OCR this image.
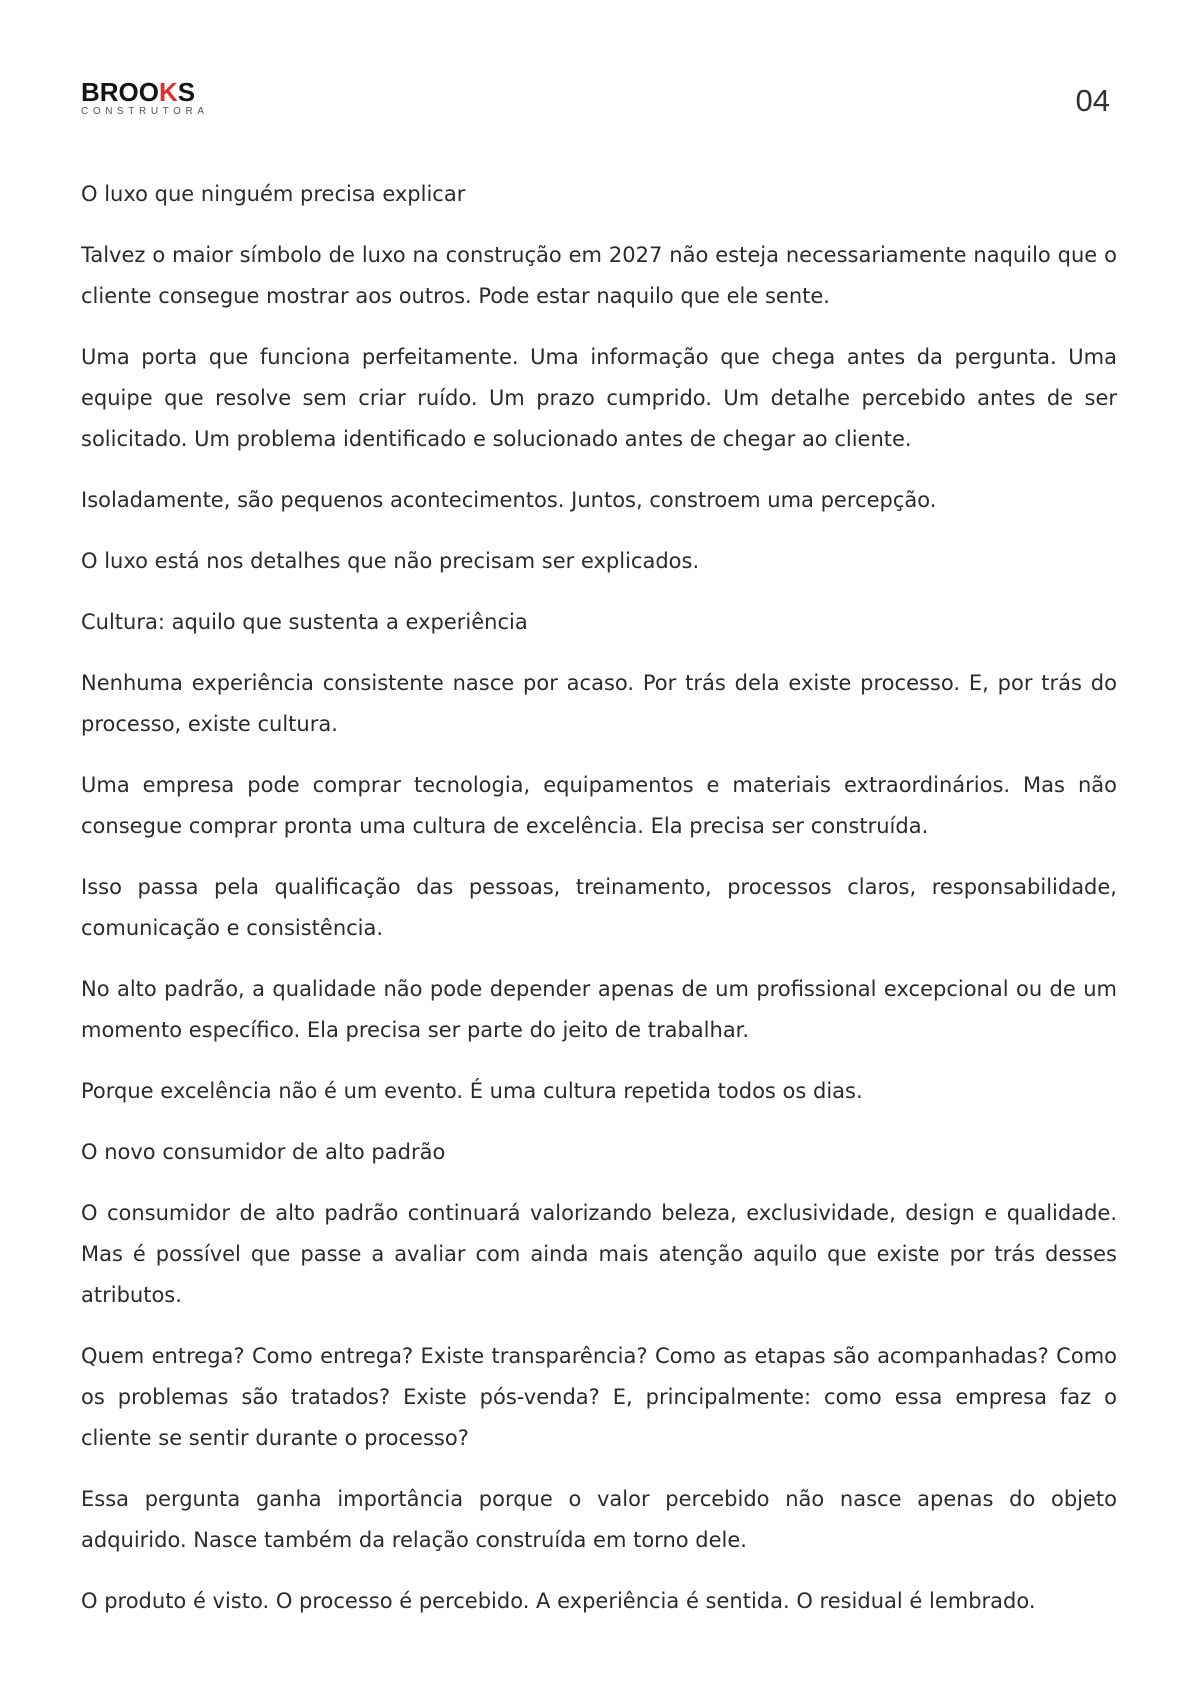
BROOKS
CONSTRUTORA	04

O luxo que ninguém precisa explicar

Talvez o maior símbolo de luxo na construção em 2027 não esteja necessariamente naquilo que o cliente consegue mostrar aos outros. Pode estar naquilo que ele sente.

Uma porta que funciona perfeitamente. Uma informação que chega antes da pergunta. Uma equipe que resolve sem criar ruído. Um prazo cumprido. Um detalhe percebido antes de ser solicitado. Um problema identificado e solucionado antes de chegar ao cliente.

Isoladamente, são pequenos acontecimentos. Juntos, constroem uma percepção.

O luxo está nos detalhes que não precisam ser explicados.

Cultura: aquilo que sustenta a experiência

Nenhuma experiência consistente nasce por acaso. Por trás dela existe processo. E, por trás do processo, existe cultura.

Uma empresa pode comprar tecnologia, equipamentos e materiais extraordinários. Mas não consegue comprar pronta uma cultura de excelência. Ela precisa ser construída.

Isso passa pela qualificação das pessoas, treinamento, processos claros, responsabilidade, comunicação e consistência.

No alto padrão, a qualidade não pode depender apenas de um profissional excepcional ou de um momento específico. Ela precisa ser parte do jeito de trabalhar.

Porque excelência não é um evento. É uma cultura repetida todos os dias.

O novo consumidor de alto padrão

O consumidor de alto padrão continuará valorizando beleza, exclusividade, design e qualidade. Mas é possível que passe a avaliar com ainda mais atenção aquilo que existe por trás desses atributos.

Quem entrega? Como entrega? Existe transparência? Como as etapas são acompanhadas? Como os problemas são tratados? Existe pós-venda? E, principalmente: como essa empresa faz o cliente se sentir durante o processo?

Essa pergunta ganha importância porque o valor percebido não nasce apenas do objeto adquirido. Nasce também da relação construída em torno dele.

O produto é visto. O processo é percebido. A experiência é sentida. O residual é lembrado.
